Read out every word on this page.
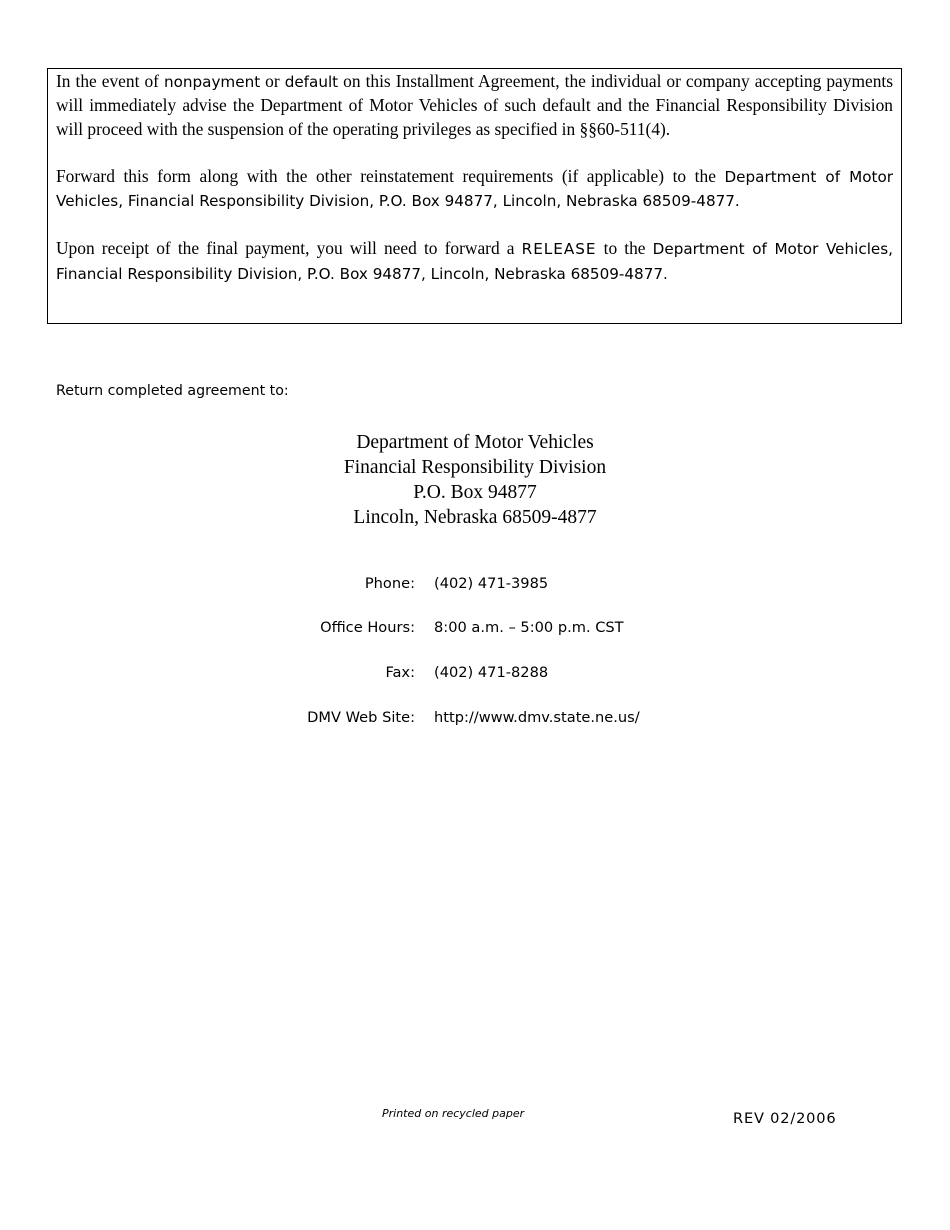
In the event of nonpayment or default on this Installment Agreement, the individual or company accepting payments will immediately advise the Department of Motor Vehicles of such default and the Financial Responsibility Division will proceed with the suspension of the operating privileges as specified in §§60-511(4).

Forward this form along with the other reinstatement requirements (if applicable) to the Department of Motor Vehicles, Financial Responsibility Division, P.O. Box 94877, Lincoln, Nebraska 68509-4877.

Upon receipt of the final payment, you will need to forward a RELEASE to the Department of Motor Vehicles, Financial Responsibility Division, P.O. Box 94877, Lincoln, Nebraska 68509-4877.

Return completed agreement to:
Department of Motor Vehicles
Financial Responsibility Division
P.O. Box 94877
Lincoln, Nebraska 68509-4877
Phone: (402) 471-3985
Office Hours: 8:00 a.m. – 5:00 p.m. CST
Fax: (402) 471-8288
DMV Web Site: http://www.dmv.state.ne.us/
Printed on recycled paper	REV 02/2006
